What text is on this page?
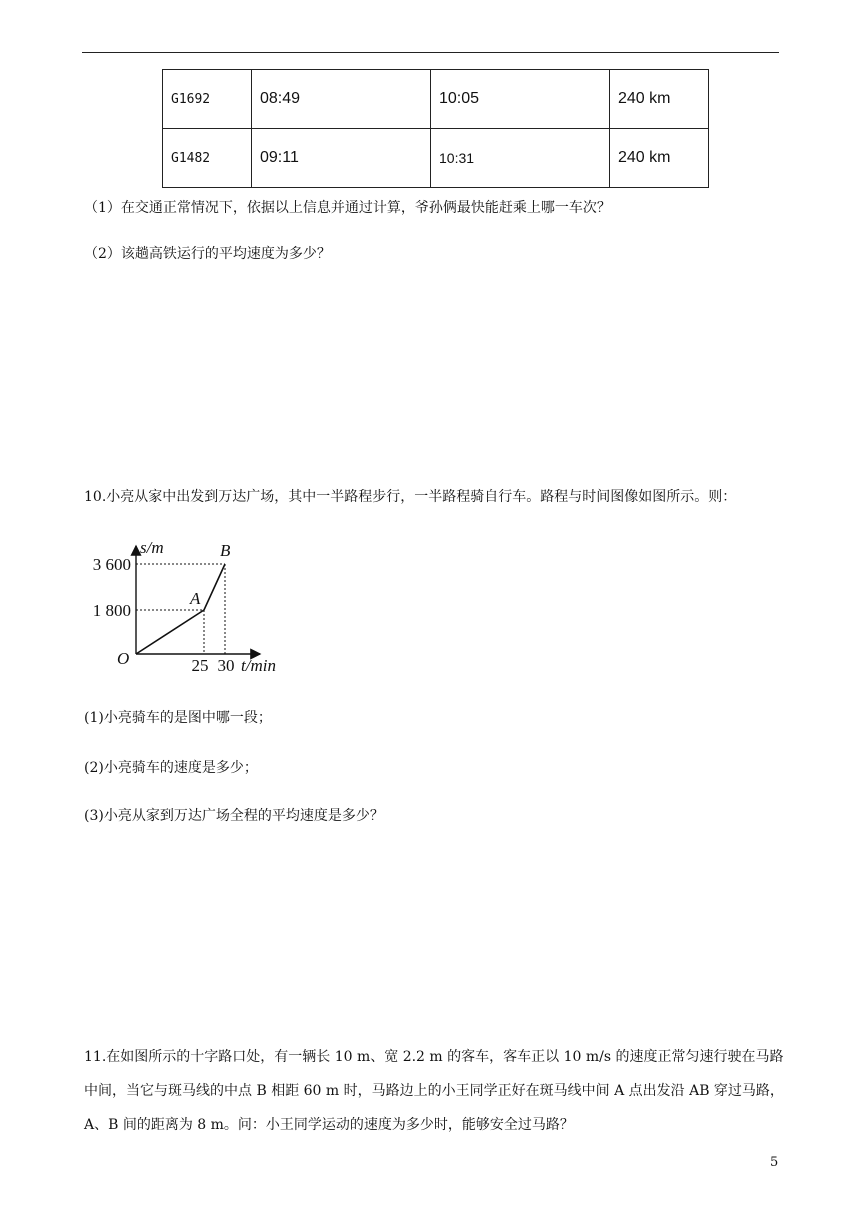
G1692	08:49	10:05	240 km
G1482	09:11	10:31	240 km
（1）在交通正常情况下，依据以上信息并通过计算，爷孙俩最快能赶乘上哪一车次？
（2）该趟高铁运行的平均速度为多少？
10.小亮从家中出发到万达广场，其中一半路程步行，一半路程骑自行车。路程与时间图像如图所示。则：
s/m	B
A
3 600
1 800
O	25 30 t/min
(1)小亮骑车的是图中哪一段；
(2)小亮骑车的速度是多少；
(3)小亮从家到万达广场全程的平均速度是多少？
11.在如图所示的十字路口处，有一辆长 10 m、宽 2.2 m 的客车，客车正以 10 m/s 的速度正常匀速行驶在马路中间，当它与斑马线的中点 B 相距 60 m 时，马路边上的小王同学正好在斑马线中间 A 点出发沿 AB 穿过马路，A、B 间的距离为 8 m。问：小王同学运动的速度为多少时，能够安全过马路？
5
